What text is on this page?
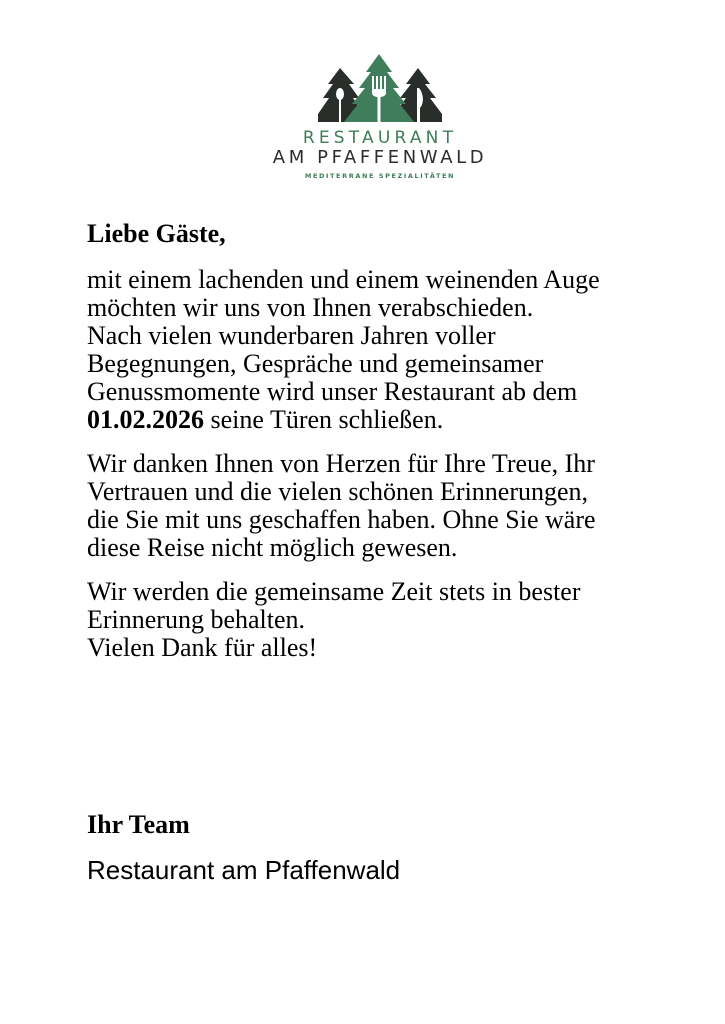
RESTAURANT
AM PFAFFENWALD
MEDITERRANE SPEZIALITÄTEN

Liebe Gäste,

mit einem lachenden und einem weinenden Auge
möchten wir uns von Ihnen verabschieden.
Nach vielen wunderbaren Jahren voller
Begegnungen, Gespräche und gemeinsamer
Genussmomente wird unser Restaurant ab dem
01.02.2026 seine Türen schließen.

Wir danken Ihnen von Herzen für Ihre Treue, Ihr
Vertrauen und die vielen schönen Erinnerungen,
die Sie mit uns geschaffen haben. Ohne Sie wäre
diese Reise nicht möglich gewesen.

Wir werden die gemeinsame Zeit stets in bester
Erinnerung behalten.
Vielen Dank für alles!

Ihr Team
Restaurant am Pfaffenwald
